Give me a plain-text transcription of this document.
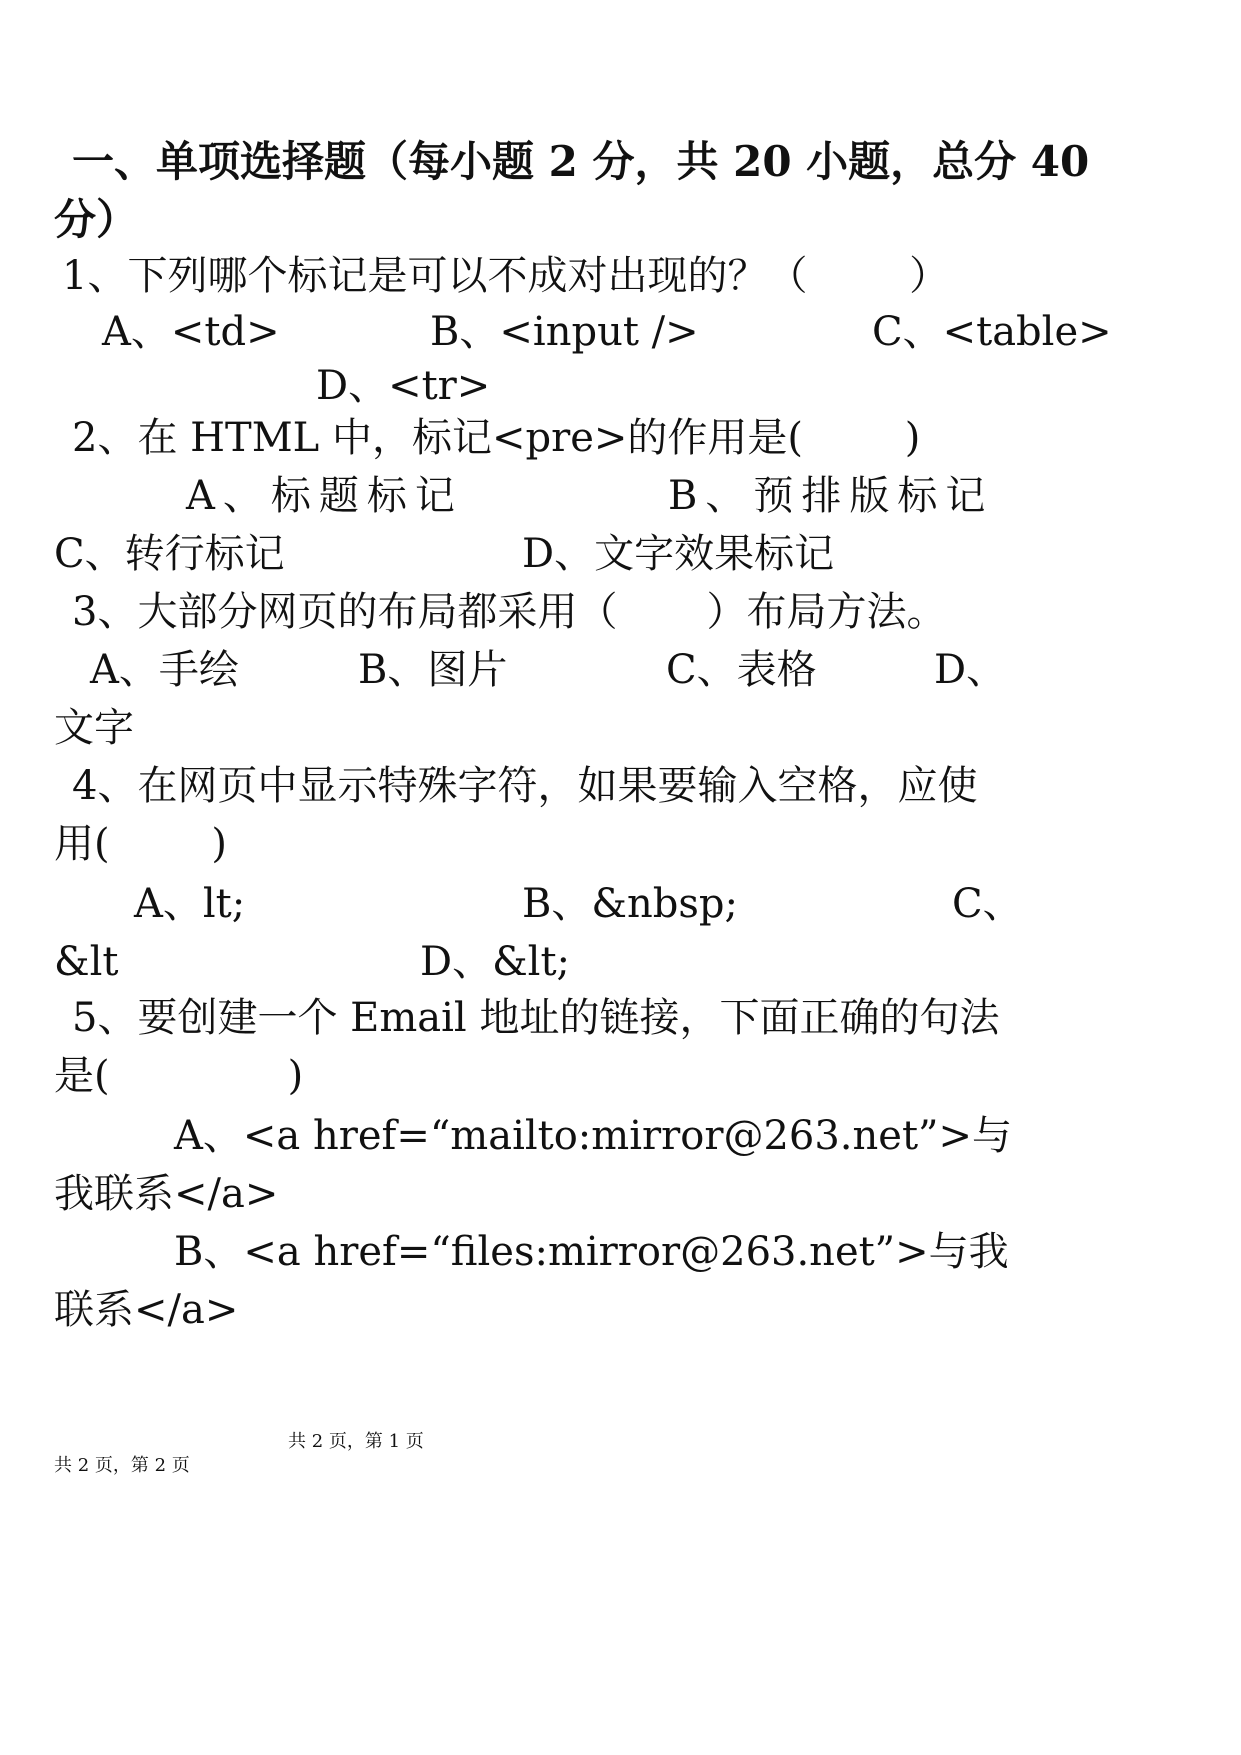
一、单项选择题（每小题 2 分，共 20 小题，总分 40
分）
1、下列哪个标记是可以不成对出现的？（        ）
A、<td>	B、<input />	C、<table>
D、<tr>
2、在 HTML 中，标记<pre>的作用是(        )
A、标题标记	B、预排版标记
C、转行标记	D、文字效果标记
3、大部分网页的布局都采用（       ）布局方法。
A、手绘	B、图片	C、表格	D、
文字
4、在网页中显示特殊字符，如果要输入空格，应使
用(        )
A、lt;	B、&nbsp;	C、
&lt	D、&lt;
5、要创建一个 Email 地址的链接，下面正确的句法
是(              )
A、<a href=“mailto:mirror@263.net”>与
我联系</a>
B、<a href=“files:mirror@263.net”>与我
联系</a>
共 2 页，第 1 页
共 2 页，第 2 页
